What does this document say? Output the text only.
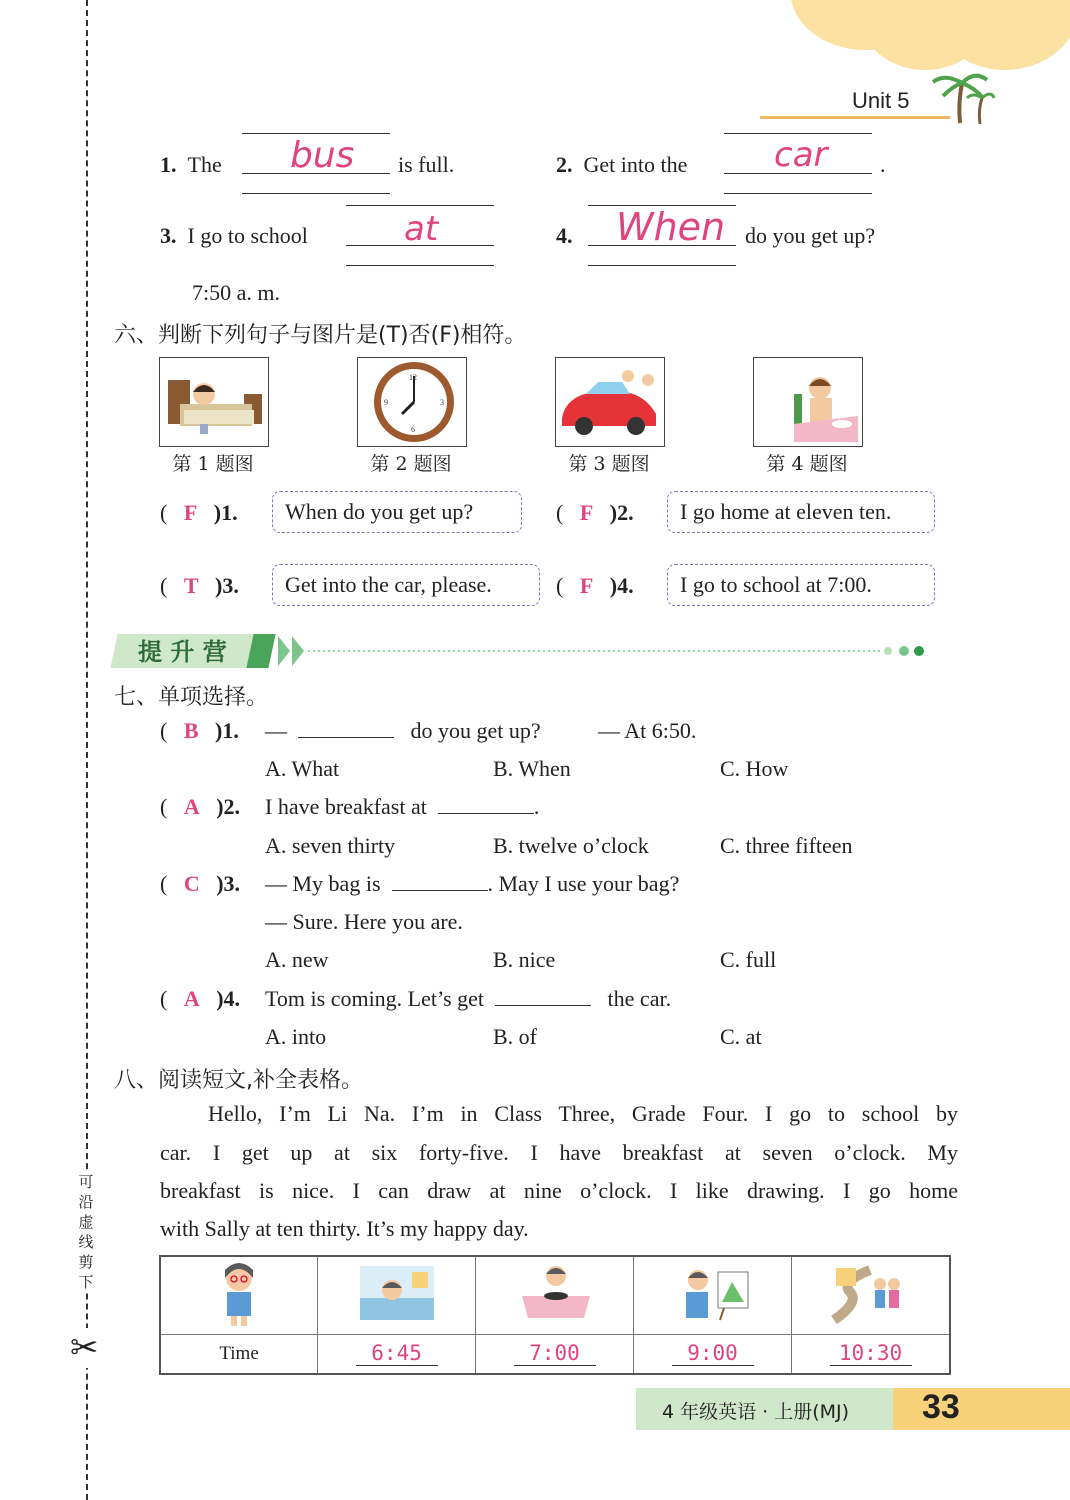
Unit 5
可沿虚线剪下
✂
1. The bus is full.	2. Get into the	car .
3. I go to school	at
7:50 a. m.
4. When do you get up?
六、判断下列句子与图片是(T)否(F)相符。
12
3
6
9
第 1 题图	第 2 题图	第 3 题图	第 4 题图
( F )1.	When do you get up?	( F )2.	I go home at eleven ten.
( T )3.	Get into the car, please.	( F )4.	I go to school at 7:00.
提 升 营
七、单项选择。
( B )1. —	do you get up?	— At 6:50.
A. What	B. When	C. How
( A )2. I have breakfast at	.
A. seven thirty	B. twelve o’clock	C. three fifteen
( C )3. — My bag is	. May I use your bag?
— Sure. Here you are.
A. new	B. nice	C. full
( A )4. Tom is coming. Let’s get	the car.
A. into	B. of	C. at
八、阅读短文,补全表格。
Hello, I’m Li Na. I’m in Class Three, Grade Four. I go to school by
car. I get up at six forty-five. I have breakfast at seven o’clock. My
breakfast is nice. I can draw at nine o’clock. I like drawing. I go home
with Sally at ten thirty. It’s my happy day.

Time	6:45	7:00	9:00	10:30
4 年级英语 · 上册(MJ) 33
